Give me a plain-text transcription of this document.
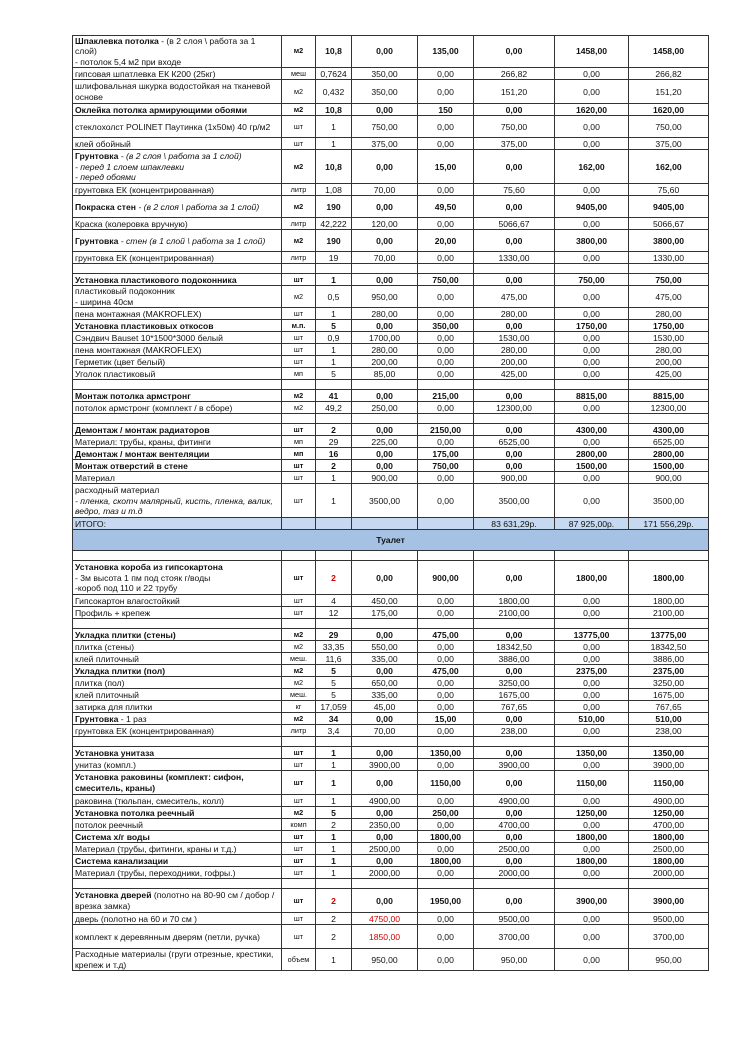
Шпаклевка потолка - (в 2 слоя \ работа за 1 слой)
- потолок 5,4 м2 при входе	м2	10,8	0,00	135,00	0,00	1458,00	1458,00
гипсовая шпатлевка ЕК К200 (25кг)	меш	0,7624	350,00	0,00	266,82	0,00	266,82
шлифовальная шкурка водостойкая на тканевой основе	м2	0,432	350,00	0,00	151,20	0,00	151,20
Оклейка потолка армирующими обоями	м2	10,8	0,00	150	0,00	1620,00	1620,00
стеклохолст POLINET Паутинка (1х50м) 40 гр/м2	шт	1	750,00	0,00	750,00	0,00	750,00
клей обойный	шт	1	375,00	0,00	375,00	0,00	375,00
Грунтовка - (в 2 слоя \ работа за 1 слой)
- перед 1 слоем шпаклевки
- перед обоями	м2	10,8	0,00	15,00	0,00	162,00	162,00
грунтовка ЕК (концентрированная)	литр	1,08	70,00	0,00	75,60	0,00	75,60
Покраска стен - (в 2 слоя \ работа за 1 слой)	м2	190	0,00	49,50	0,00	9405,00	9405,00
Краска (колеровка вручную)	литр	42,222	120,00	0,00	5066,67	0,00	5066,67
Грунтовка - стен (в 1 слой \ работа за 1 слой)	м2	190	0,00	20,00	0,00	3800,00	3800,00
грунтовка ЕК (концентрированная)	литр	19	70,00	0,00	1330,00	0,00	1330,00

Установка пластикового подоконника	шт	1	0,00	750,00	0,00	750,00	750,00
пластиковый подоконник
- ширина 40см	м2	0,5	950,00	0,00	475,00	0,00	475,00
пена монтажная (MAKROFLEX)	шт	1	280,00	0,00	280,00	0,00	280,00
Установка пластиковых откосов	м.п.	5	0,00	350,00	0,00	1750,00	1750,00
Сэндвич Bauset 10*1500*3000 белый	шт	0,9	1700,00	0,00	1530,00	0,00	1530,00
пена монтажная (MAKROFLEX)	шт	1	280,00	0,00	280,00	0,00	280,00
Герметик (цвет белый)	шт	1	200,00	0,00	200,00	0,00	200,00
Уголок пластиковый	мп	5	85,00	0,00	425,00	0,00	425,00

Монтаж потолка армстронг	м2	41	0,00	215,00	0,00	8815,00	8815,00
потолок армстронг (комплект / в сборе)	м2	49,2	250,00	0,00	12300,00	0,00	12300,00

Демонтаж / монтаж радиаторов	шт	2	0,00	2150,00	0,00	4300,00	4300,00
Материал: трубы, краны, фитинги	мп	29	225,00	0,00	6525,00	0,00	6525,00
Демонтаж / монтаж вентеляции	мп	16	0,00	175,00	0,00	2800,00	2800,00
Монтаж отверстий в стене	шт	2	0,00	750,00	0,00	1500,00	1500,00
Материал	шт	1	900,00	0,00	900,00	0,00	900,00
расходный материал
- пленка, скотч малярный, кисть, пленка, валик, ведро, таз и т.д	шт	1	3500,00	0,00	3500,00	0,00	3500,00
ИТОГО:					83 631,29р.	87 925,00р.	171 556,29р.
Туалет							

Установка короба из гипсокартона
- 3м высота 1 пм под стояк г/воды
-короб под 110 и 22 трубу	шт	2	0,00	900,00	0,00	1800,00	1800,00
Гипсокартон влагостойкий	шт	4	450,00	0,00	1800,00	0,00	1800,00
Профиль + крепеж	шт	12	175,00	0,00	2100,00	0,00	2100,00

Укладка плитки (стены)	м2	29	0,00	475,00	0,00	13775,00	13775,00
плитка (стены)	м2	33,35	550,00	0,00	18342,50	0,00	18342,50
клей плиточный	мeш.	11,6	335,00	0,00	3886,00	0,00	3886,00
Укладка плитки (пол)	м2	5	0,00	475,00	0,00	2375,00	2375,00
плитка (пол)	м2	5	650,00	0,00	3250,00	0,00	3250,00
клей плиточный	меш.	5	335,00	0,00	1675,00	0,00	1675,00
затирка для плитки	кг	17,059	45,00	0,00	767,65	0,00	767,65
Грунтовка - 1 раз	м2	34	0,00	15,00	0,00	510,00	510,00
грунтовка ЕК (концентрированная)	литр	3,4	70,00	0,00	238,00	0,00	238,00

Установка унитаза	шт	1	0,00	1350,00	0,00	1350,00	1350,00
унитаз (компл.)	шт	1	3900,00	0,00	3900,00	0,00	3900,00
Установка раковины (комплект: сифон, смеситель, краны)	шт	1	0,00	1150,00	0,00	1150,00	1150,00
раковина (тюльпан, смеситель, колл)	шт	1	4900,00	0,00	4900,00	0,00	4900,00
Установка потолка реечный	м2	5	0,00	250,00	0,00	1250,00	1250,00
потолок реечный	комп	2	2350,00	0,00	4700,00	0,00	4700,00
Система х/г воды	шт	1	0,00	1800,00	0,00	1800,00	1800,00
Материал (трубы, фитинги, краны и т.д.)	шт	1	2500,00	0,00	2500,00	0,00	2500,00
Система канализации	шт	1	0,00	1800,00	0,00	1800,00	1800,00
Материал (трубы, переходники, гофры.)	шт	1	2000,00	0,00	2000,00	0,00	2000,00

Установка дверей (полотно на 80-90 см / добор / врезка замка)	шт	2	0,00	1950,00	0,00	3900,00	3900,00
дверь (полотно на 60 и 70 см )	шт	2	4750,00	0,00	9500,00	0,00	9500,00
комплект к деревянным дверям (петли, ручка)	шт	2	1850,00	0,00	3700,00	0,00	3700,00
Расходные материалы (груги отрезные, крестики, крепеж и т.д)	объем	1	950,00	0,00	950,00	0,00	950,00
